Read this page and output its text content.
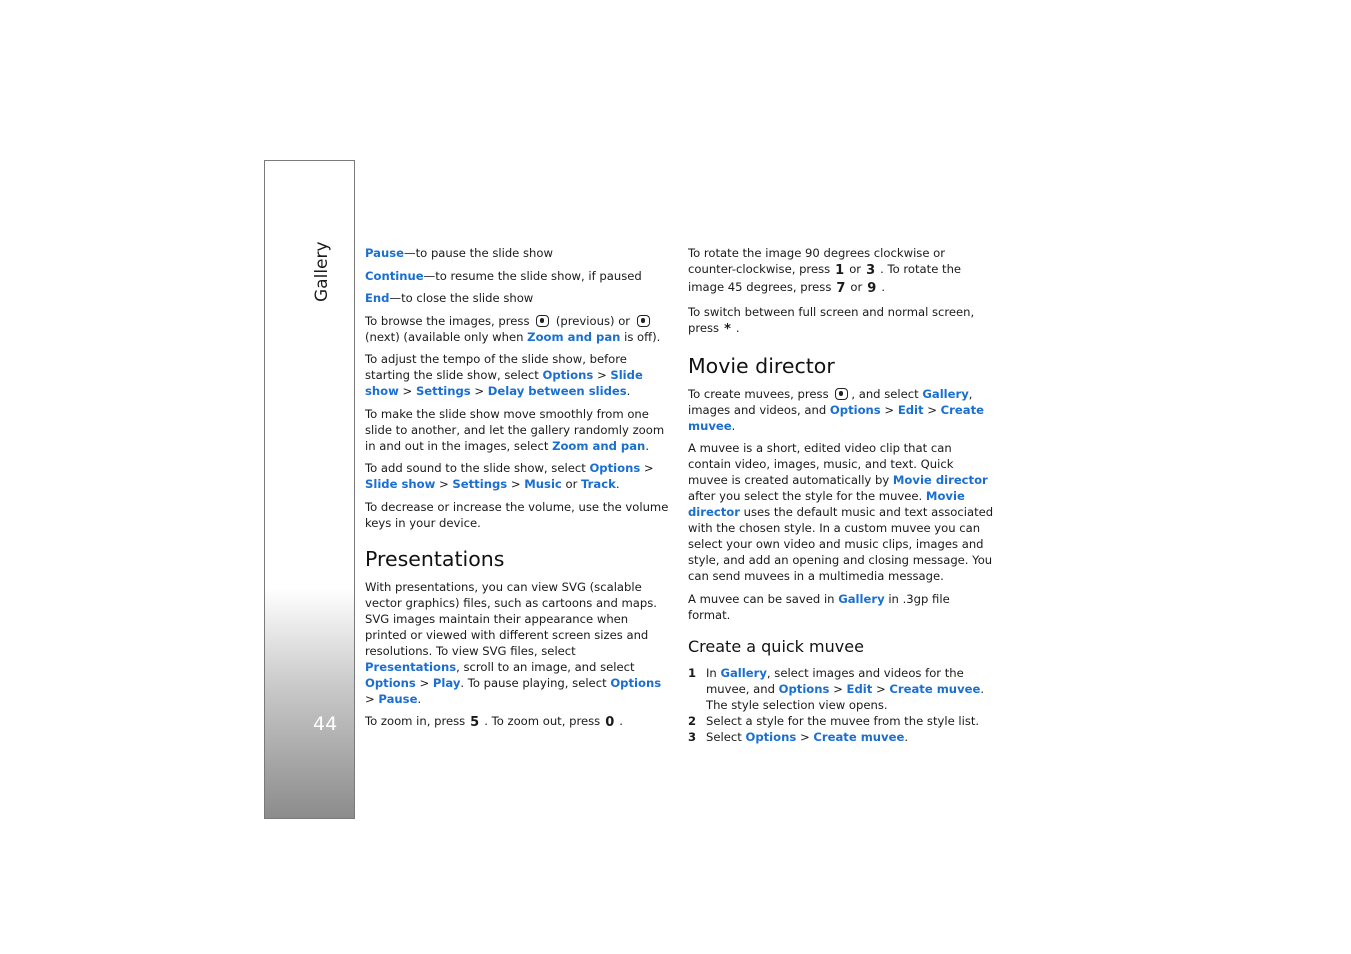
Gallery
44

Pause—to pause the slide show

Continue—to resume the slide show, if paused

End—to close the slide show

To browse the images, press (previous) or  (next) (available only when Zoom and pan is off).

To adjust the tempo of the slide show, before starting the slide show, select Options > Slide show > Settings > Delay between slides.

To make the slide show move smoothly from one slide to another, and let the gallery randomly zoom in and out in the images, select Zoom and pan.

To add sound to the slide show, select Options > Slide show > Settings > Music or Track.

To decrease or increase the volume, use the volume keys in your device.

Presentations

With presentations, you can view SVG (scalable vector graphics) files, such as cartoons and maps. SVG images maintain their appearance when printed or viewed with different screen sizes and resolutions. To view SVG files, select Presentations, scroll to an image, and select Options > Play. To pause playing, select Options > Pause.

To zoom in, press 5 . To zoom out, press 0 .

To rotate the image 90 degrees clockwise or counter-clockwise, press 1 or 3 . To rotate the image 45 degrees, press 7 or 9 .

To switch between full screen and normal screen, press * .

Movie director

To create muvees, press , and select Gallery, images and videos, and Options > Edit > Create muvee.

A muvee is a short, edited video clip that can contain video, images, music, and text. Quick muvee is created automatically by Movie director after you select the style for the muvee. Movie director uses the default music and text associated with the chosen style. In a custom muvee you can select your own video and music clips, images and style, and add an opening and closing message. You can send muvees in a multimedia message.

A muvee can be saved in Gallery in .3gp file format.

Create a quick muvee
1 In Gallery, select images and videos for the muvee, and Options > Edit > Create muvee. The style selection view opens.
2 Select a style for the muvee from the style list.
3 Select Options > Create muvee.
